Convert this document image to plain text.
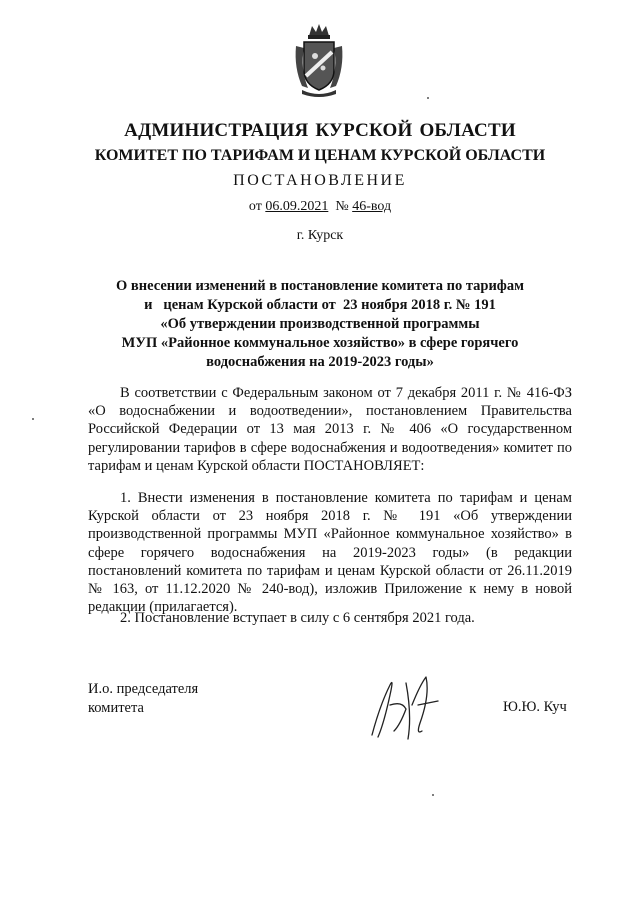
АДМИНИСТРАЦИЯ КУРСКОЙ ОБЛАСТИ
КОМИТЕТ ПО ТАРИФАМ И ЦЕНАМ КУРСКОЙ ОБЛАСТИ
ПОСТАНОВЛЕНИЕ
от 06.09.2021  № 46-вод
г. Курск
О внесении изменений в постановление комитета по тарифам
и   ценам Курской области от  23 ноября 2018 г. № 191
«Об утверждении производственной программы
МУП «Районное коммунальное хозяйство» в сфере горячего
водоснабжения на 2019-2023 годы»

В соответствии с Федеральным законом от 7 декабря 2011 г. № 416-ФЗ «О водоснабжении и водоотведении», постановлением Правительства Российской Федерации от 13 мая 2013 г. № 406 «О государственном регулировании тарифов в сфере водоснабжения и водоотведения» комитет по тарифам и ценам Курской области ПОСТАНОВЛЯЕТ:

1. Внести изменения в постановление комитета по тарифам и ценам Курской области от 23 ноября 2018 г. № 191 «Об утверждении производственной программы МУП «Районное коммунальное хозяйство» в сфере горячего водоснабжения на 2019-2023 годы» (в редакции постановлений комитета по тарифам и ценам Курской области от 26.11.2019 № 163, от 11.12.2020 № 240-вод), изложив Приложение к нему в новой редакции (прилагается).

2. Постановление вступает в силу с 6 сентября 2021 года.

И.о. председателя
комитета	Ю.Ю. Куч
